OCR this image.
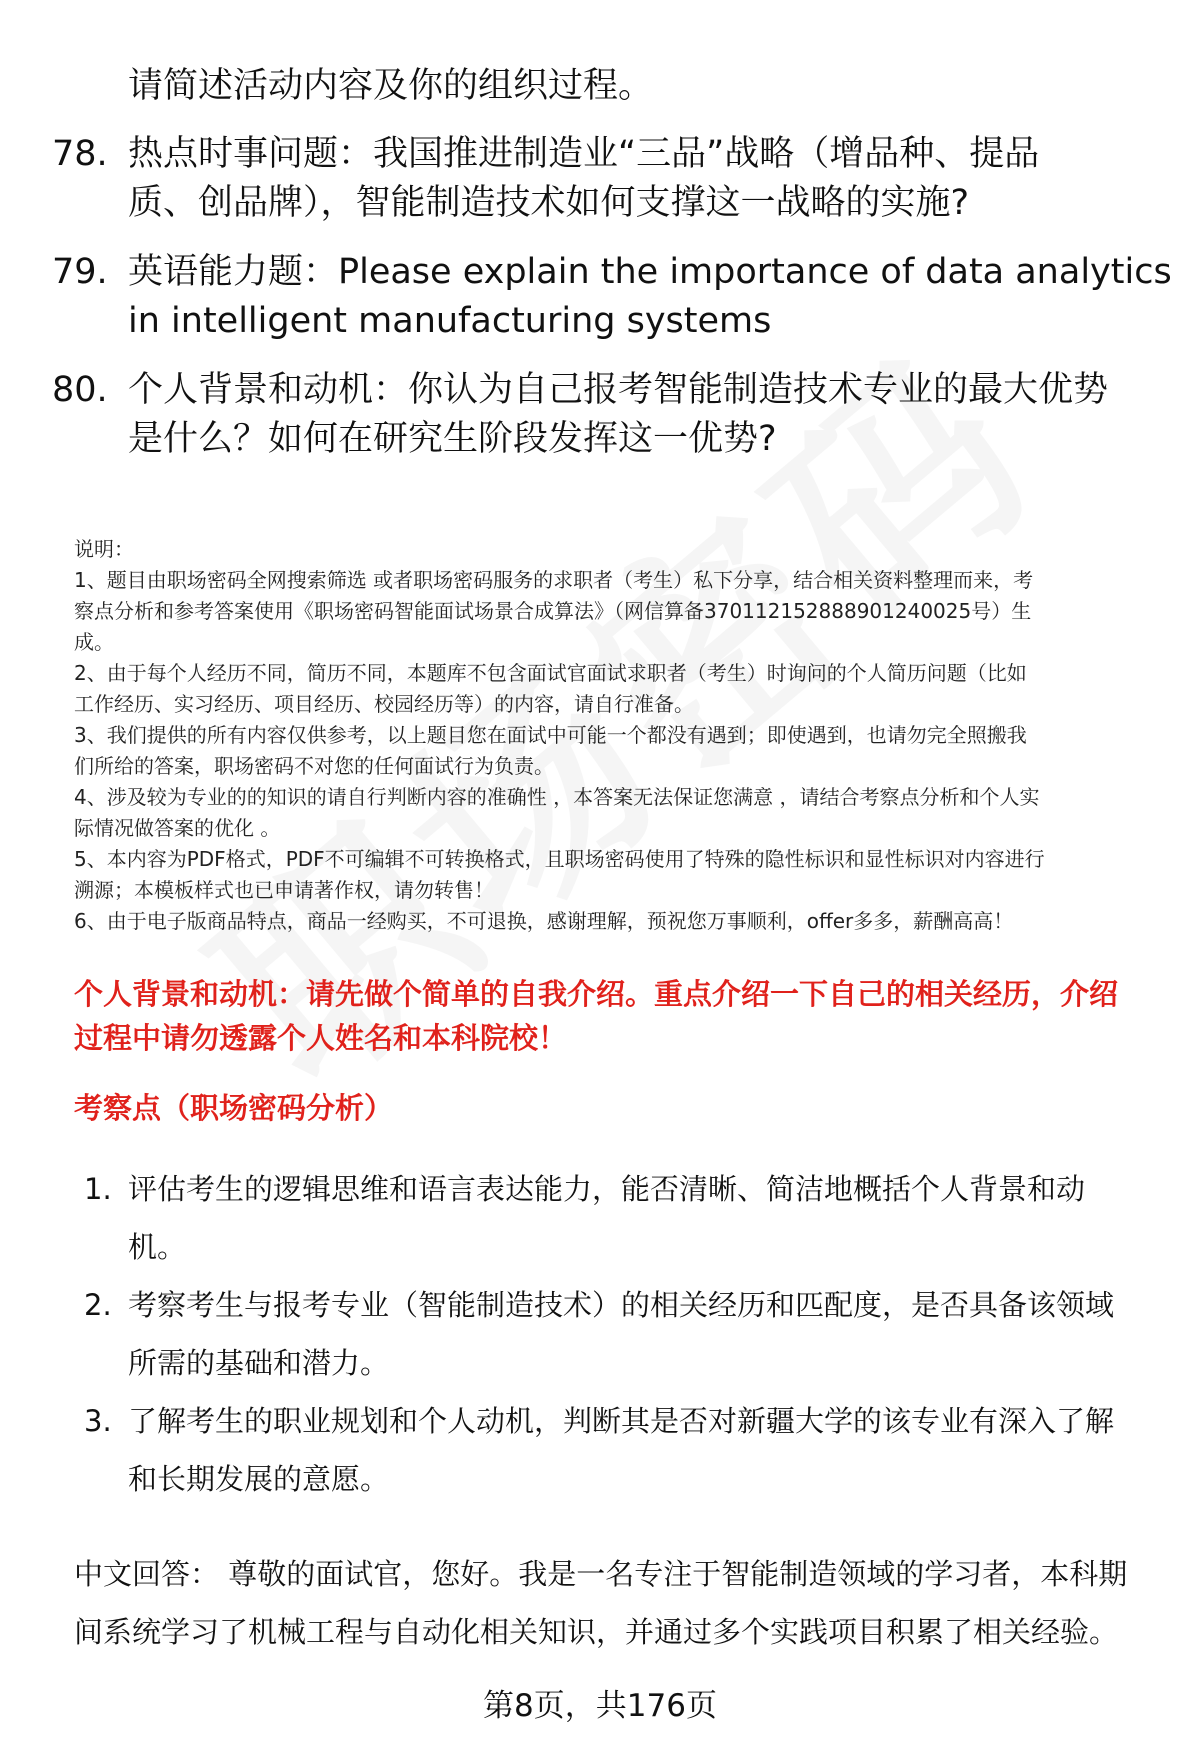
请简述活动内容及你的组织过程。
78. 热点时事问题：我国推进制造业“三品”战略（增品种、提品
质、创品牌），智能制造技术如何支撑这一战略的实施?
79. 英语能力题：Please explain the importance of data analytics
in intelligent manufacturing systems
80. 个人背景和动机：你认为自己报考智能制造技术专业的最大优势
是什么？如何在研究生阶段发挥这一优势?
说明：
1、题目由职场密码全网搜索筛选 或者职场密码服务的求职者（考生）私下分享，结合相关资料整理而来，考
察点分析和参考答案使用《职场密码智能面试场景合成算法》（网信算备370112152888901240025号）生
成。
2、由于每个人经历不同，简历不同，本题库不包含面试官面试求职者（考生）时询问的个人简历问题（比如
工作经历、实习经历、项目经历、校园经历等）的内容，请自行准备。
3、我们提供的所有内容仅供参考，以上题目您在面试中可能一个都没有遇到；即使遇到，也请勿完全照搬我
们所给的答案，职场密码不对您的任何面试行为负责。
4、涉及较为专业的的知识的请自行判断内容的准确性 ，本答案无法保证您满意 ，请结合考察点分析和个人实
际情况做答案的优化 。
5、本内容为PDF格式，PDF不可编辑不可转换格式，且职场密码使用了特殊的隐性标识和显性标识对内容进行
溯源；本模板样式也已申请著作权，请勿转售！
6、由于电子版商品特点，商品一经购买，不可退换，感谢理解，预祝您万事顺利，offer多多，薪酬高高！
个人背景和动机：请先做个简单的自我介绍。重点介绍一下自己的相关经历，介绍
过程中请勿透露个人姓名和本科院校！
考察点（职场密码分析）
1. 评估考生的逻辑思维和语言表达能力，能否清晰、简洁地概括个人背景和动
机。
2. 考察考生与报考专业（智能制造技术）的相关经历和匹配度，是否具备该领域
所需的基础和潜力。
3. 了解考生的职业规划和个人动机，判断其是否对新疆大学的该专业有深入了解
和长期发展的意愿。
中文回答： 尊敬的面试官，您好。我是一名专注于智能制造领域的学习者，本科期
间系统学习了机械工程与自动化相关知识，并通过多个实践项目积累了相关经验。
第8页，共176页
